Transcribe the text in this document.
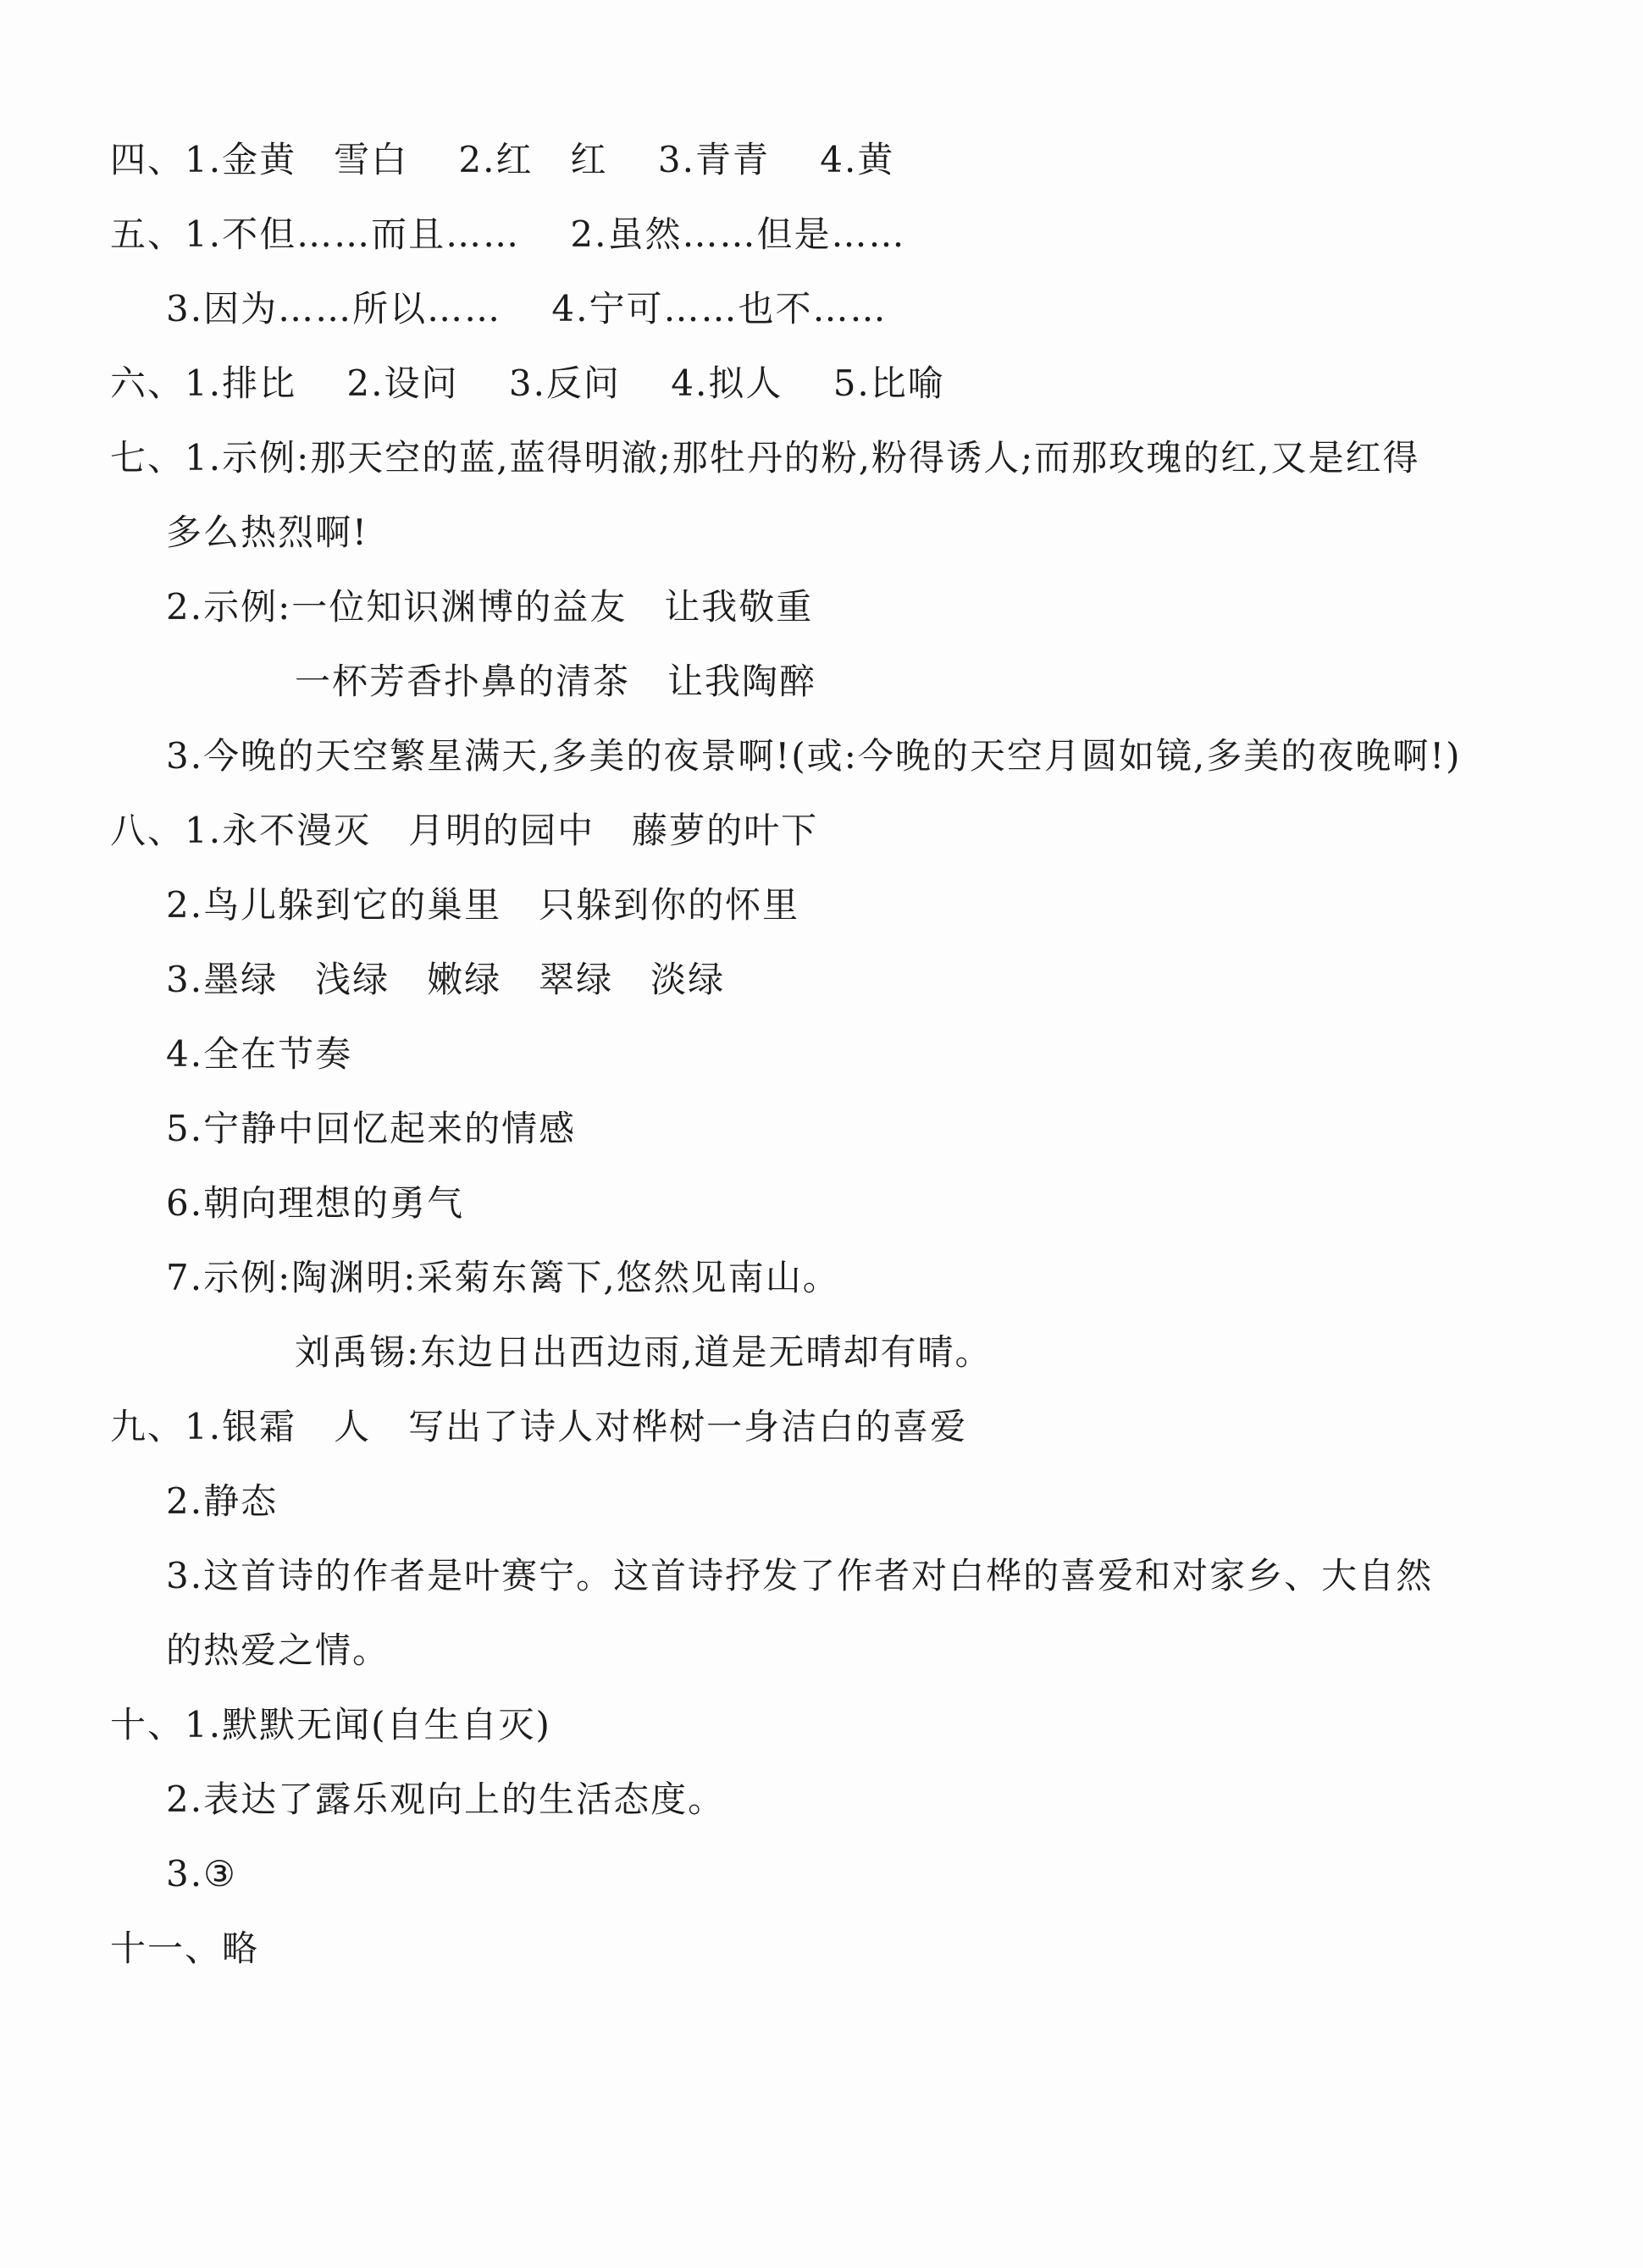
四、1.金黄　雪白　 2.红　红　 3.青青　 4.黄
五、1.不但……而且……　 2.虽然……但是……
3.因为……所以……　 4.宁可……也不……
六、1.排比　 2.设问　 3.反问　 4.拟人　 5.比喻
七、1.示例:那天空的蓝,蓝得明澈;那牡丹的粉,粉得诱人;而那玫瑰的红,又是红得
多么热烈啊!
2.示例:一位知识渊博的益友　让我敬重
一杯芳香扑鼻的清茶　让我陶醉
3.今晚的天空繁星满天,多美的夜景啊!(或:今晚的天空月圆如镜,多美的夜晚啊!)
八、1.永不漫灭　月明的园中　藤萝的叶下
2.鸟儿躲到它的巢里　只躲到你的怀里
3.墨绿　浅绿　嫩绿　翠绿　淡绿
4.全在节奏
5.宁静中回忆起来的情感
6.朝向理想的勇气
7.示例:陶渊明:采菊东篱下,悠然见南山。
刘禹锡:东边日出西边雨,道是无晴却有晴。
九、1.银霜　人　写出了诗人对桦树一身洁白的喜爱
2.静态
3.这首诗的作者是叶赛宁。这首诗抒发了作者对白桦的喜爱和对家乡、大自然
的热爱之情。
十、1.默默无闻(自生自灭)
2.表达了露乐观向上的生活态度。
3.③
十一、略
